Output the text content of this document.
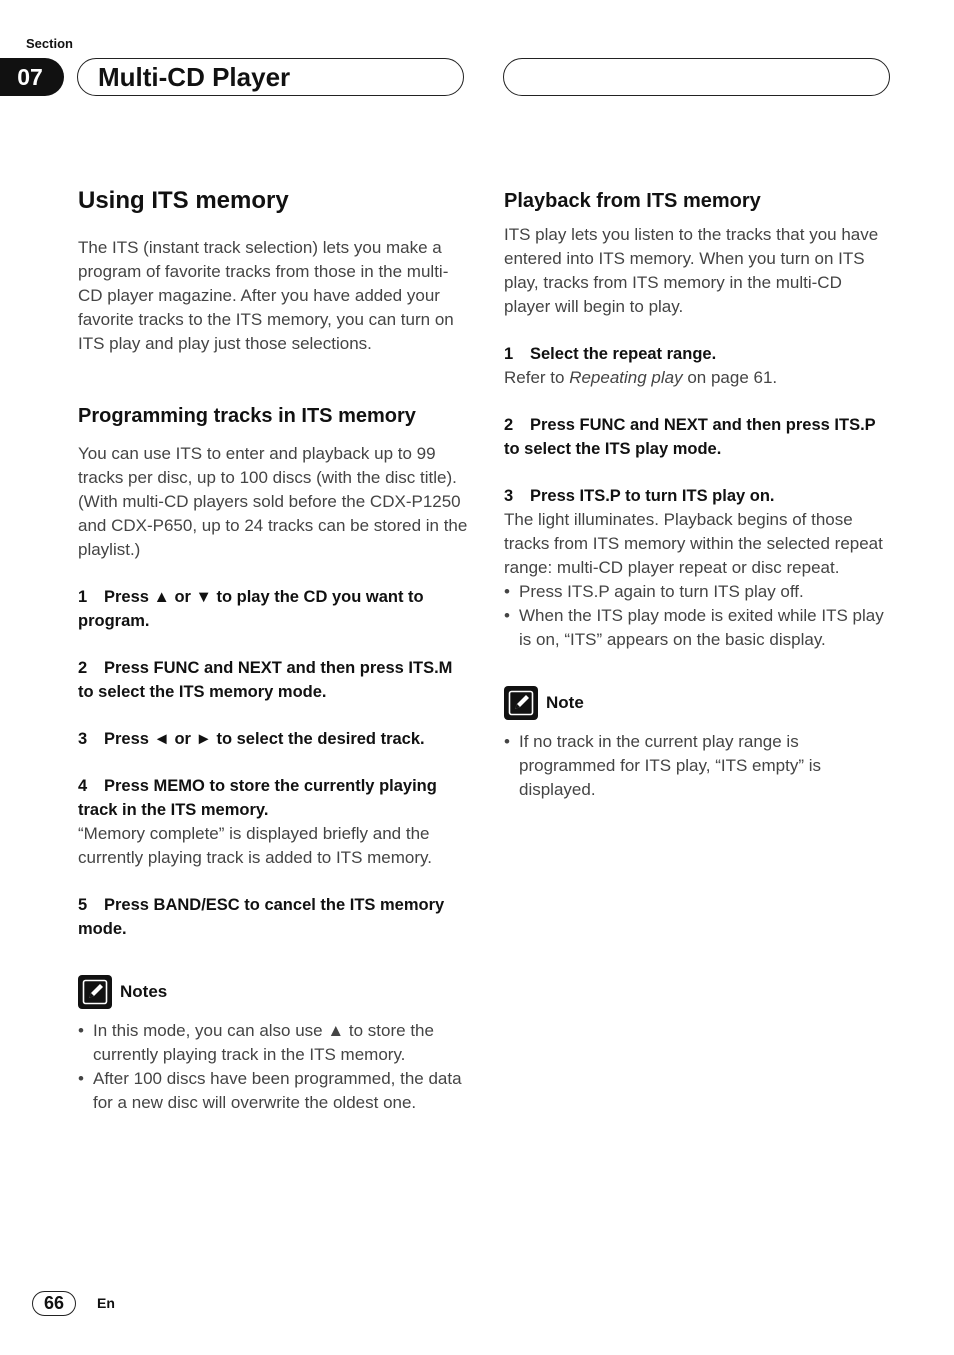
Section
07	Multi-CD Player
Using ITS memory

The ITS (instant track selection) lets you make a program of favorite tracks from those in the multi-CD player magazine. After you have added your favorite tracks to the ITS memory, you can turn on ITS play and play just those selections.

Programming tracks in ITS memory

You can use ITS to enter and playback up to 99 tracks per disc, up to 100 discs (with the disc title). (With multi-CD players sold before the CDX-P1250 and CDX-P650, up to 24 tracks can be stored in the playlist.)

1 Press ▲ or ▼ to play the CD you want to program.
2 Press FUNC and NEXT and then press ITS.M to select the ITS memory mode.
3 Press ◄ or ► to select the desired track.
4 Press MEMO to store the currently playing track in the ITS memory.

“Memory complete” is displayed briefly and the currently playing track is added to ITS memory.

5 Press BAND/ESC to cancel the ITS memory mode.
Notes
• In this mode, you can also use ▲ to store the currently playing track in the ITS memory.
• After 100 discs have been programmed, the data for a new disc will overwrite the oldest one.
Playback from ITS memory

ITS play lets you listen to the tracks that you have entered into ITS memory. When you turn on ITS play, tracks from ITS memory in the multi-CD player will begin to play.

1 Select the repeat range.

Refer to Repeating play on page 61.

2 Press FUNC and NEXT and then press ITS.P to select the ITS play mode.
3 Press ITS.P to turn ITS play on.

The light illuminates. Playback begins of those tracks from ITS memory within the selected repeat range: multi-CD player repeat or disc repeat.

• Press ITS.P again to turn ITS play off.
• When the ITS play mode is exited while ITS play is on, “ITS” appears on the basic display.
Note
• If no track in the current play range is programmed for ITS play, “ITS empty” is displayed.
66	En
